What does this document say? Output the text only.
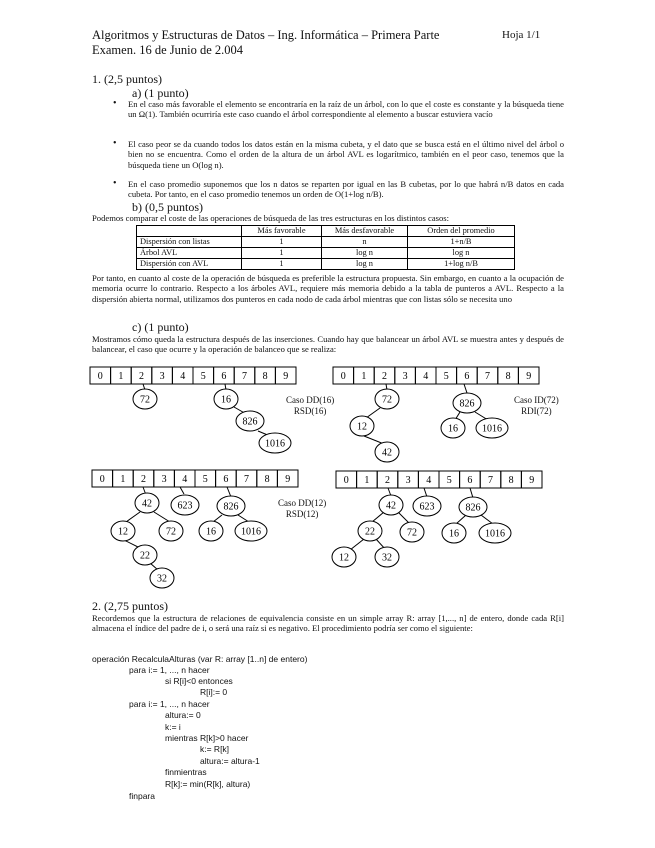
Algoritmos y Estructuras de Datos – Ing. Informática – Primera Parte	Hoja 1/1
Examen. 16 de Junio de 2.004
1. (2,5 puntos)
a) (1 punto)
• En el caso más favorable el elemento se encontraría en la raíz de un árbol, con lo que el coste es constante y la búsqueda tiene un Ω(1). También ocurriría este caso cuando el árbol correspondiente al elemento a buscar estuviera vacío
• El caso peor se da cuando todos los datos están en la misma cubeta, y el dato que se busca está en el último nivel del árbol o bien no se encuentra. Como el orden de la altura de un árbol AVL es logarítmico, también en el peor caso, tenemos que la búsqueda tiene un O(log n).
• En el caso promedio suponemos que los n datos se reparten por igual en las B cubetas, por lo que habrá n/B datos en cada cubeta. Por tanto, en el caso promedio tenemos un orden de O(1+log n/B).
b) (0,5 puntos)
Podemos comparar el coste de las operaciones de búsqueda de las tres estructuras en los distintos casos:
	Más favorable	Más desfavorable	Orden del promedio
Dispersión con listas	1	n	1+n/B
Árbol AVL	1	log n	log n
Dispersión con AVL	1	log n	1+log n/B
Por tanto, en cuanto al coste de la operación de búsqueda es preferible la estructura propuesta. Sin embargo, en cuanto a la ocupación de memoria ocurre lo contrario. Respecto a los árboles AVL, requiere más memoria debido a la tabla de punteros a AVL. Respecto a la dispersión abierta normal, utilizamos dos punteros en cada nodo de cada árbol mientras que con listas sólo se necesita uno
c) (1 punto)
Mostramos cómo queda la estructura después de las inserciones. Cuando hay que balancear un árbol AVL se muestra antes y después de balancear, el caso que ocurre y la operación de balanceo que se realiza:
0 1 2 3 4 5 6 7 8 9	0 1 2 3 4 5 6 7 8 9
0 1 2 3 4 5 6 7 8 9	0 1 2 3 4 5 6 7 8 9
72	16
826
1016
72
12
42
826
16 1016
42	623	826
12	72
22
32
16	1016
42 623	826
22	72
12	32
16	1016
Caso DD(16)
RSD(16)
Caso ID(72)
RDI(72)
Caso DD(12)
RSD(12)
2. (2,75 puntos)
Recordemos que la estructura de relaciones de equivalencia consiste en un simple array R: array [1,..., n] de entero, donde cada R[i] almacena el índice del padre de i, o será una raíz si es negativo. El procedimiento podría ser como el siguiente:
operación RecalculaAlturas (var R: array [1..n] de entero)
para i:= 1, ..., n hacer
si R[i]<0 entonces
R[i]:= 0
para i:= 1, ..., n hacer
altura:= 0
k:= i
mientras R[k]>0 hacer
k:= R[k]
altura:= altura-1
finmientras
R[k]:= min(R[k], altura)
finpara
